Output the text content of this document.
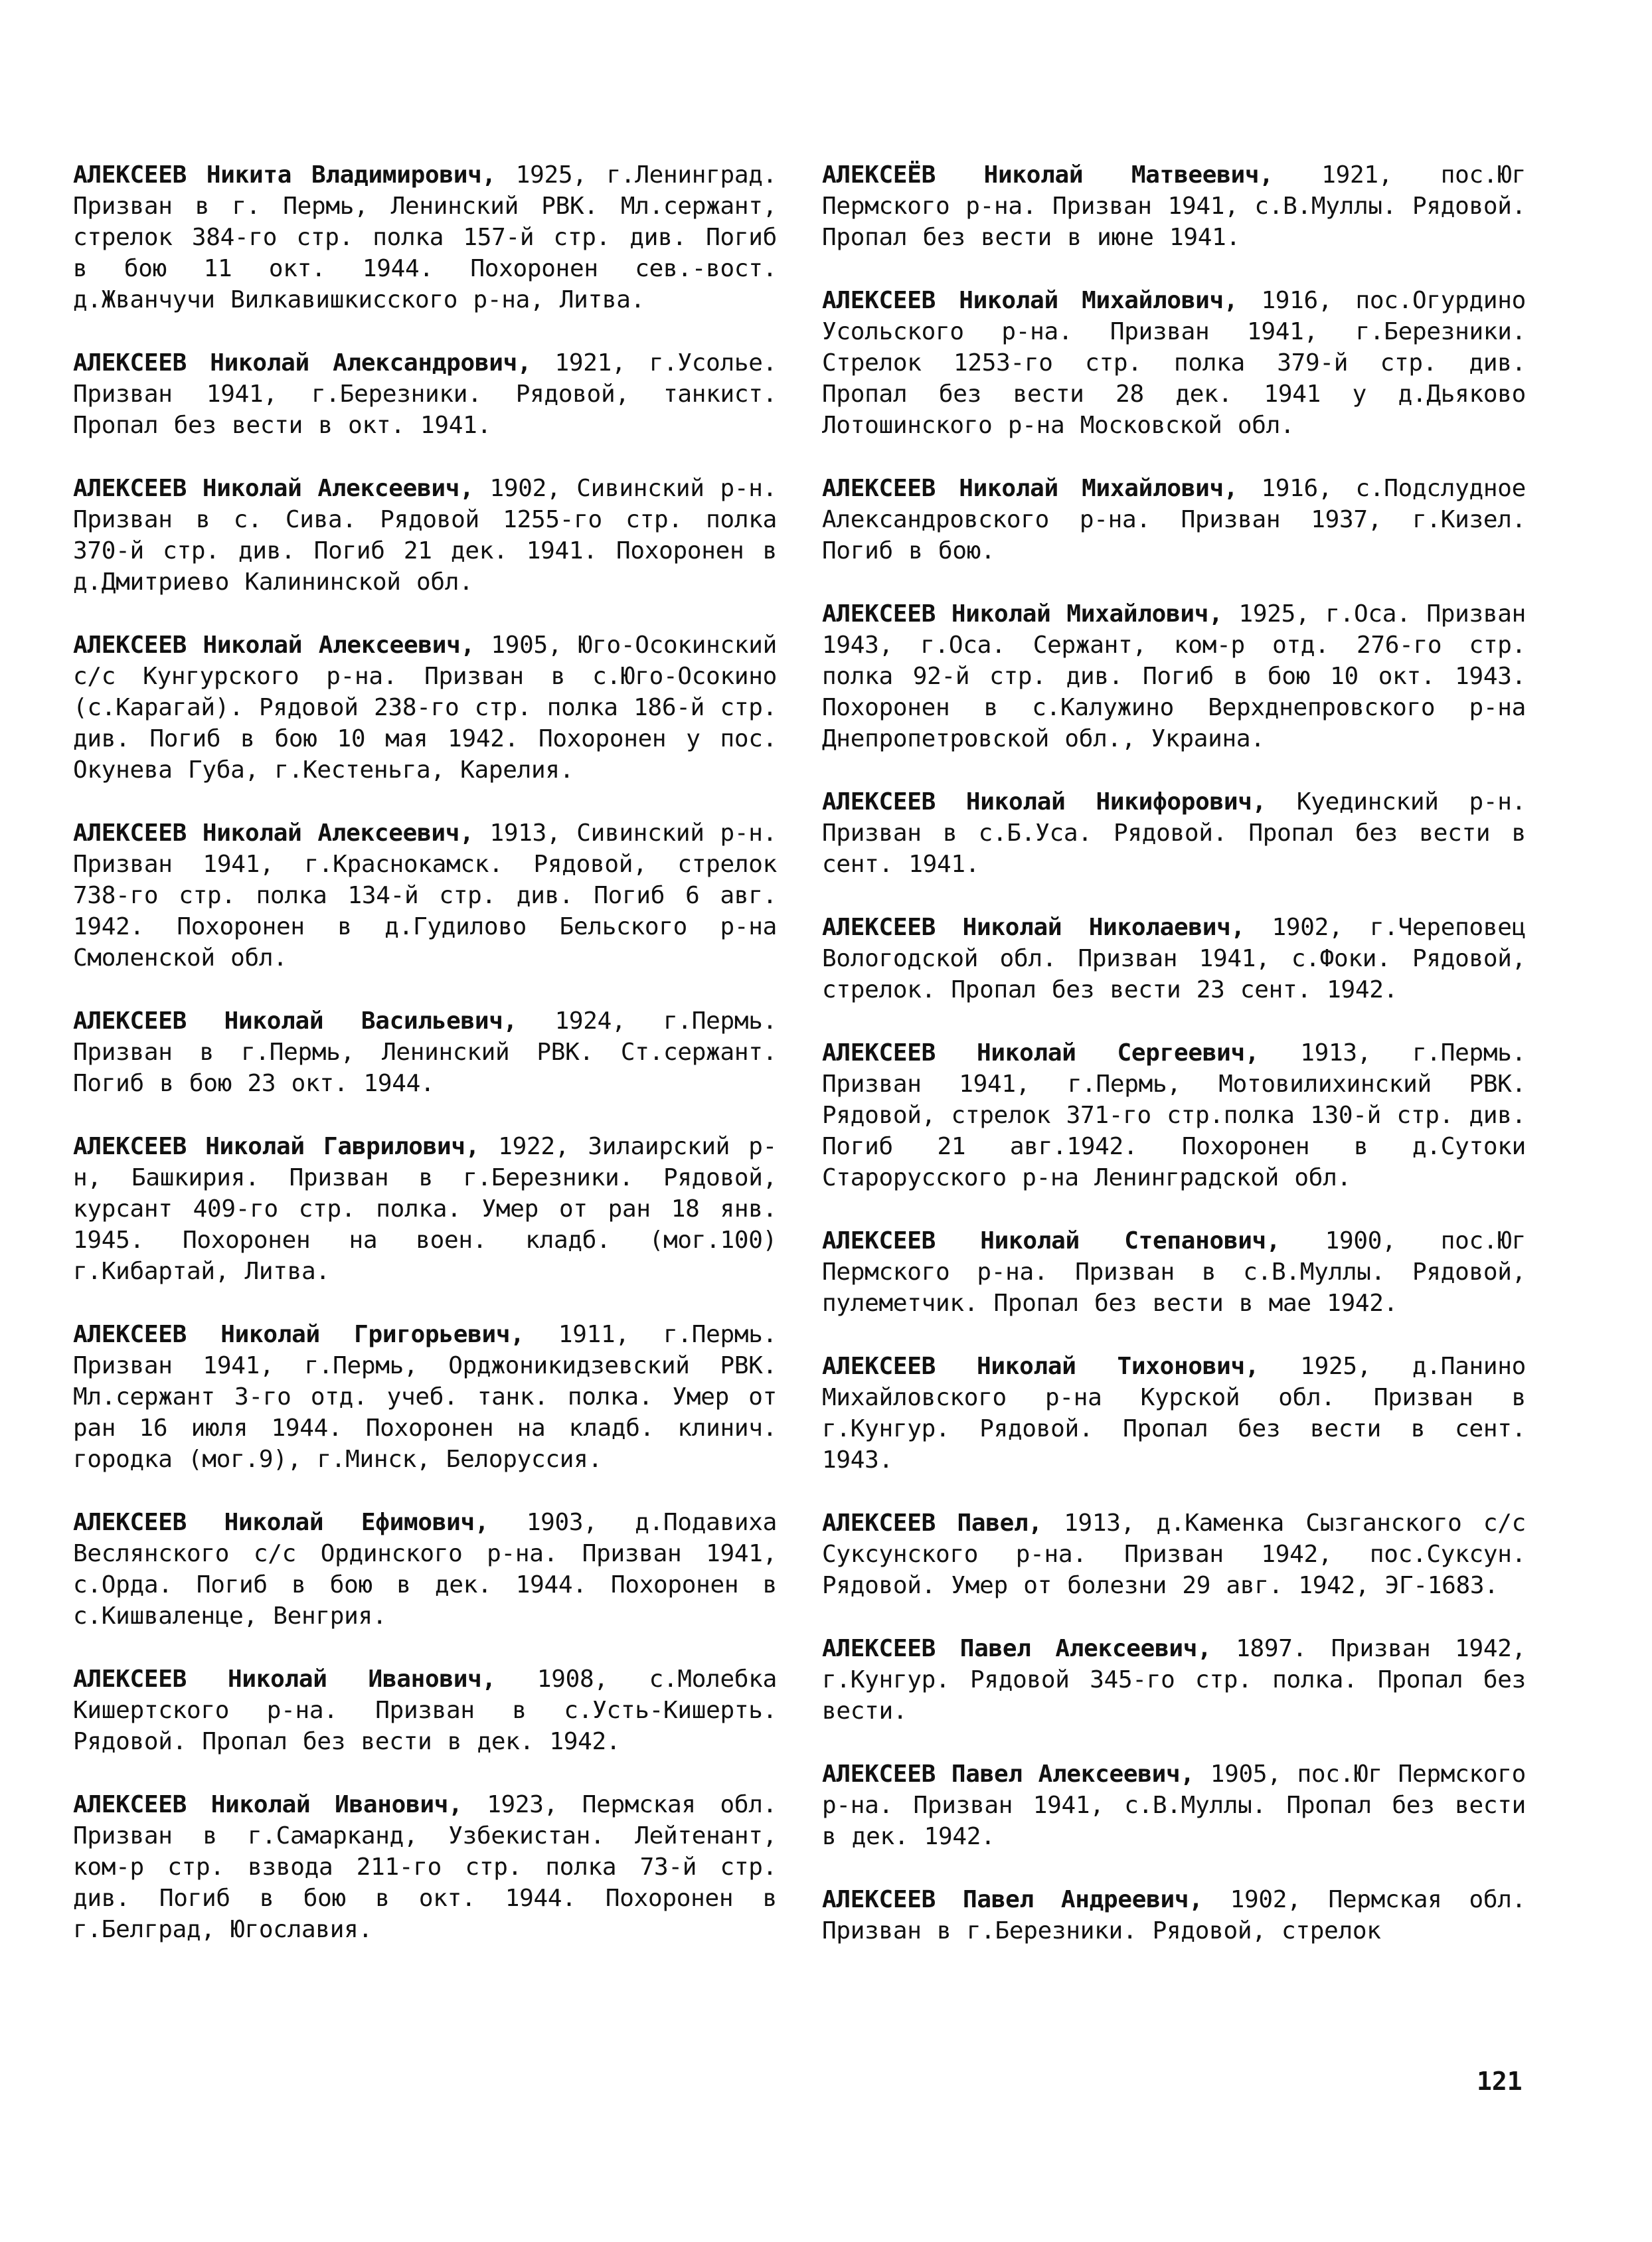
АЛЕКСЕЕВ Никита Владимирович, 1925, г.Ленинград. Призван в г. Пермь, Ленинский РВК. Мл.сержант, стрелок 384-го стр. полка 157-й стр. див. Погиб в бою 11 окт. 1944. Похоронен сев.-вост. д.Жванчучи Вилкавишкисского р-на, Литва.

АЛЕКСЕЕВ Николай Александрович, 1921, г.Усолье. Призван 1941, г.Березники. Рядовой, танкист. Пропал без вести в окт. 1941.

АЛЕКСЕЕВ Николай Алексеевич, 1902, Сивинский р-н. Призван в с. Сива. Рядовой 1255-го стр. полка 370-й стр. див. Погиб 21 дек. 1941. Похоронен в д.Дмитриево Калининской обл.

АЛЕКСЕЕВ Николай Алексеевич, 1905, Юго-Осокинский с/с Кунгурского р-на. Призван в с.Юго-Осокино (с.Карагай). Рядовой 238-го стр. полка 186-й стр. див. Погиб в бою 10 мая 1942. Похоронен у пос. Окунева Губа, г.Кестеньга, Карелия.

АЛЕКСЕЕВ Николай Алексеевич, 1913, Сивинский р-н. Призван 1941, г.Краснокамск. Рядовой, стрелок 738-го стр. полка 134-й стр. див. Погиб 6 авг. 1942. Похоронен в д.Гудилово Бельского р-на Смоленской обл.

АЛЕКСЕЕВ Николай Васильевич, 1924, г.Пермь. Призван в г.Пермь, Ленинский РВК. Ст.сержант. Погиб в бою 23 окт. 1944.

АЛЕКСЕЕВ Николай Гаврилович, 1922, Зилаирский р-н, Башкирия. Призван в г.Березники. Рядовой, курсант 409-го стр. полка. Умер от ран 18 янв. 1945. Похоронен на воен. кладб. (мог.100) г.Кибартай, Литва.

АЛЕКСЕЕВ Николай Григорьевич, 1911, г.Пермь. Призван 1941, г.Пермь, Орджоникидзевский РВК. Мл.сержант 3-го отд. учеб. танк. полка. Умер от ран 16 июля 1944. Похоронен на кладб. клинич. городка (мог.9), г.Минск, Белоруссия.

АЛЕКСЕЕВ Николай Ефимович, 1903, д.Подавиха Веслянского с/с Ординского р-на. Призван 1941, с.Орда. Погиб в бою в дек. 1944. Похоронен в с.Кишваленце, Венгрия.

АЛЕКСЕЕВ Николай Иванович, 1908, с.Молебка Кишертского р-на. Призван в с.Усть-Кишерть. Рядовой. Пропал без вести в дек. 1942.

АЛЕКСЕЕВ Николай Иванович, 1923, Пермская обл. Призван в г.Самарканд, Узбекистан. Лейтенант, ком-р стр. взвода 211-го стр. полка 73-й стр. див. Погиб в бою в окт. 1944. Похоронен в г.Белград, Югославия.

АЛЕКСЕЁВ Николай Матвеевич, 1921, пос.Юг Пермского р-на. Призван 1941, с.В.Муллы. Рядовой. Пропал без вести в июне 1941.

АЛЕКСЕЕВ Николай Михайлович, 1916, пос.Огурдино Усольского р-на. Призван 1941, г.Березники. Стрелок 1253-го стр. полка 379-й стр. див. Пропал без вести 28 дек. 1941 у д.Дьяково Лотошинского р-на Московской обл.

АЛЕКСЕЕВ Николай Михайлович, 1916, с.Подслудное Александровского р-на. Призван 1937, г.Кизел. Погиб в бою.

АЛЕКСЕЕВ Николай Михайлович, 1925, г.Оса. Призван 1943, г.Оса. Сержант, ком-р отд. 276-го стр. полка 92-й стр. див. Погиб в бою 10 окт. 1943. Похоронен в с.Калужино Верхднепровского р-на Днепропетровской обл., Украина.

АЛЕКСЕЕВ Николай Никифорович, Куединский р-н. Призван в с.Б.Уса. Рядовой. Пропал без вести в сент. 1941.

АЛЕКСЕЕВ Николай Николаевич, 1902, г.Череповец Вологодской обл. Призван 1941, с.Фоки. Рядовой, стрелок. Пропал без вести 23 сент. 1942.

АЛЕКСЕЕВ Николай Сергеевич, 1913, г.Пермь. Призван 1941, г.Пермь, Мотовилихинский РВК. Рядовой, стрелок 371-го стр.полка 130-й стр. див. Погиб 21 авг.1942. Похоронен в д.Сутоки Старорусского р-на Ленинградской обл.

АЛЕКСЕЕВ Николай Степанович, 1900, пос.Юг Пермского р-на. Призван в с.В.Муллы. Рядовой, пулеметчик. Пропал без вести в мае 1942.

АЛЕКСЕЕВ Николай Тихонович, 1925, д.Панино Михайловского р-на Курской обл. Призван в г.Кунгур. Рядовой. Пропал без вести в сент. 1943.

АЛЕКСЕЕВ Павел, 1913, д.Каменка Сызганского с/с Суксунского р-на. Призван 1942, пос.Суксун. Рядовой. Умер от болезни 29 авг. 1942, ЭГ-1683.

АЛЕКСЕЕВ Павел Алексеевич, 1897. Призван 1942, г.Кунгур. Рядовой 345-го стр. полка. Пропал без вести.

АЛЕКСЕЕВ Павел Алексеевич, 1905, пос.Юг Пермского р-на. Призван 1941, с.В.Муллы. Пропал без вести в дек. 1942.

АЛЕКСЕЕВ Павел Андреевич, 1902, Пермская обл. Призван в г.Березники. Рядовой, стрелок

121
